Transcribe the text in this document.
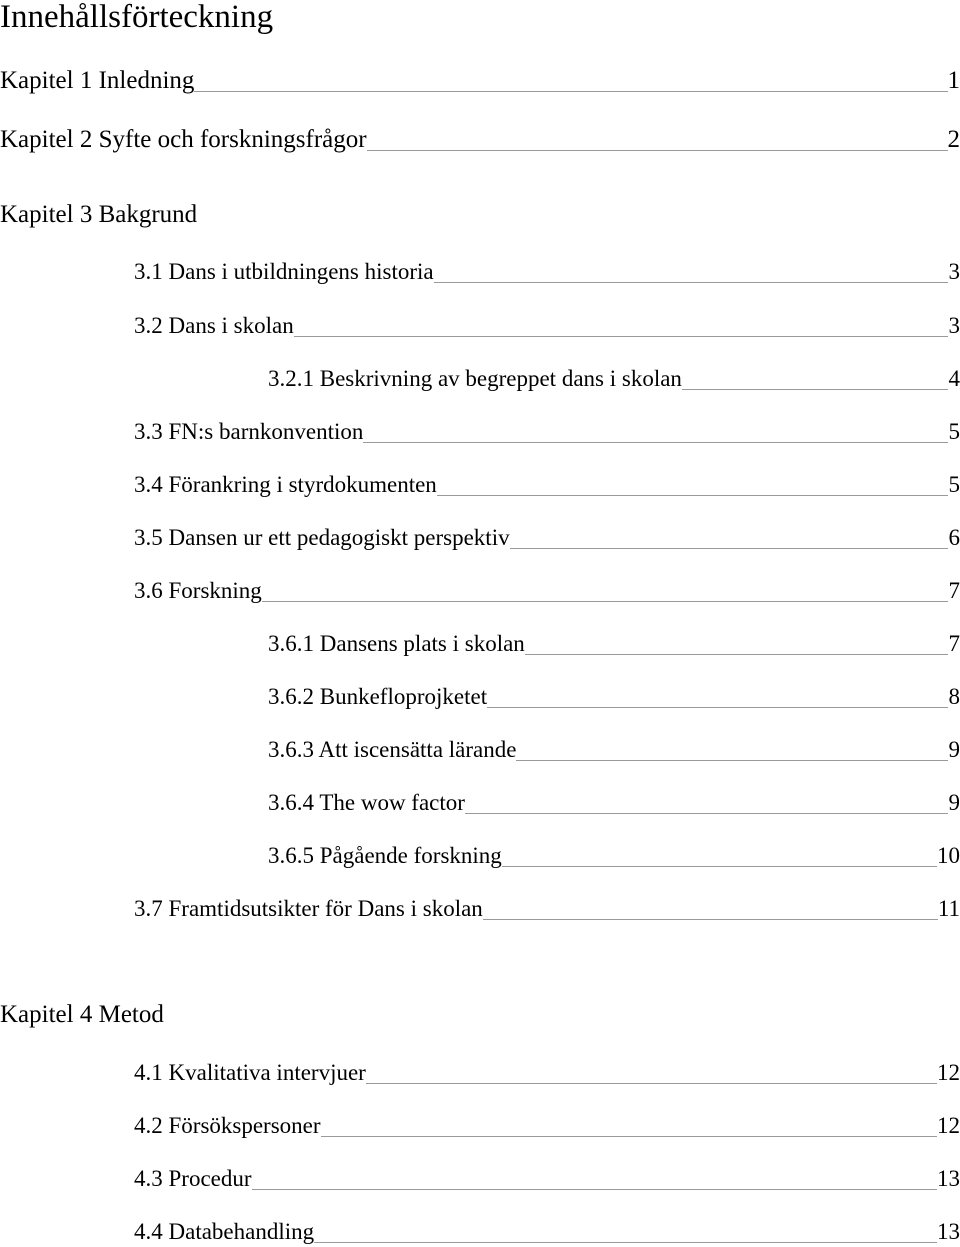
Innehållsförteckning
Kapitel 1 Inledning	1
Kapitel 2 Syfte och forskningsfrågor	2
Kapitel 3 Bakgrund
3.1 Dans i utbildningens historia	3
3.2 Dans i skolan	3
3.2.1 Beskrivning av begreppet dans i skolan	4
3.3 FN:s barnkonvention	5
3.4 Förankring i styrdokumenten	5
3.5 Dansen ur ett pedagogiskt perspektiv	6
3.6 Forskning	7
3.6.1 Dansens plats i skolan	7
3.6.2 Bunkefloprojketet	8
3.6.3 Att iscensätta lärande	9
3.6.4 The wow factor	9
3.6.5 Pågående forskning	10
3.7 Framtidsutsikter för Dans i skolan	11
Kapitel 4 Metod
4.1 Kvalitativa intervjuer	12
4.2 Försökspersoner	12
4.3 Procedur	13
4.4 Databehandling	13
